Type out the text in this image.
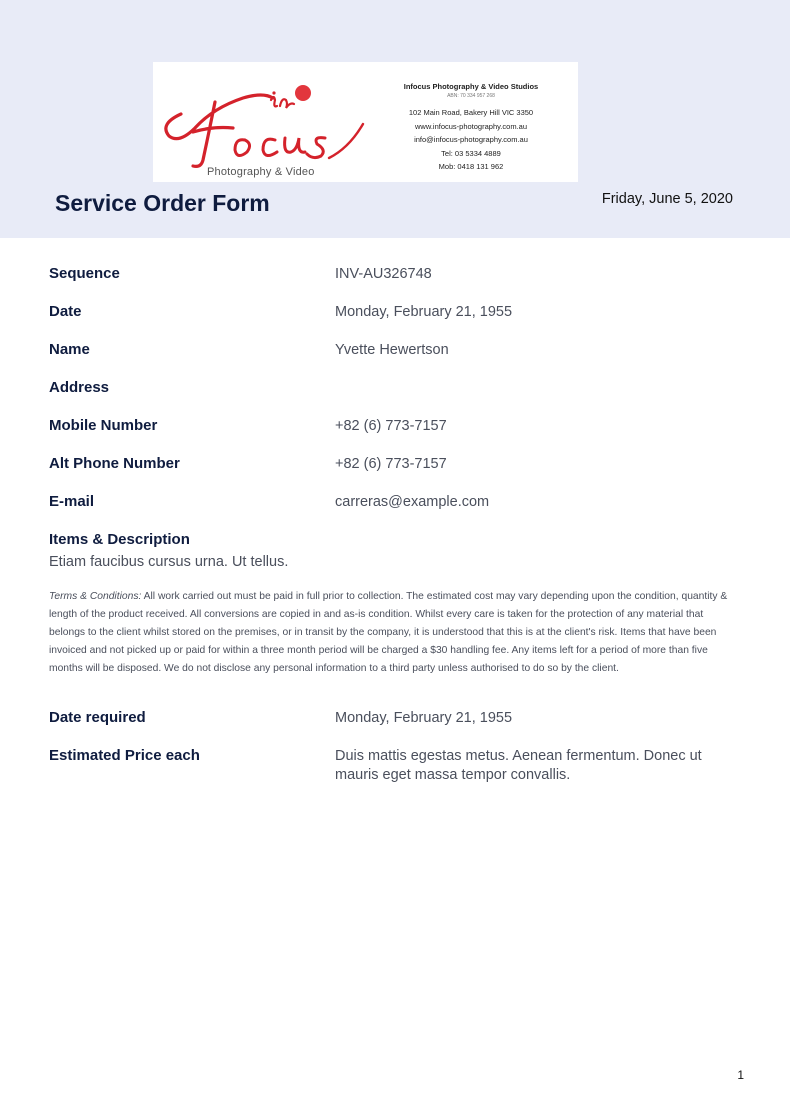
Photography & Video
Infocus Photography & Video Studios
ABN: 70 334 957 268
102 Main Road, Bakery Hill VIC 3350
www.infocus-photography.com.au
info@infocus-photography.com.au
Tel: 03 5334 4889
Mob: 0418 131 962
Service Order Form	Friday, June 5, 2020
Sequence	INV-AU326748
Date	Monday, February 21, 1955
Name	Yvette Hewertson
Address
Mobile Number	+82 (6) 773-7157
Alt Phone Number	+82 (6) 773-7157
E-mail	carreras@example.com
Items & Description
Etiam faucibus cursus urna. Ut tellus.
Terms & Conditions: All work carried out must be paid in full prior to collection. The estimated cost may vary depending upon the condition, quantity & length of the product received. All conversions are copied in and as-is condition. Whilst every care is taken for the protection of any material that belongs to the client whilst stored on the premises, or in transit by the company, it is understood that this is at the client's risk. Items that have been invoiced and not picked up or paid for within a three month period will be charged a $30 handling fee. Any items left for a period of more than five months will be disposed. We do not disclose any personal information to a third party unless authorised to do so by the client.
Date required	Monday, February 21, 1955
Estimated Price each	Duis mattis egestas metus. Aenean fermentum. Donec ut mauris eget massa tempor convallis.
1
